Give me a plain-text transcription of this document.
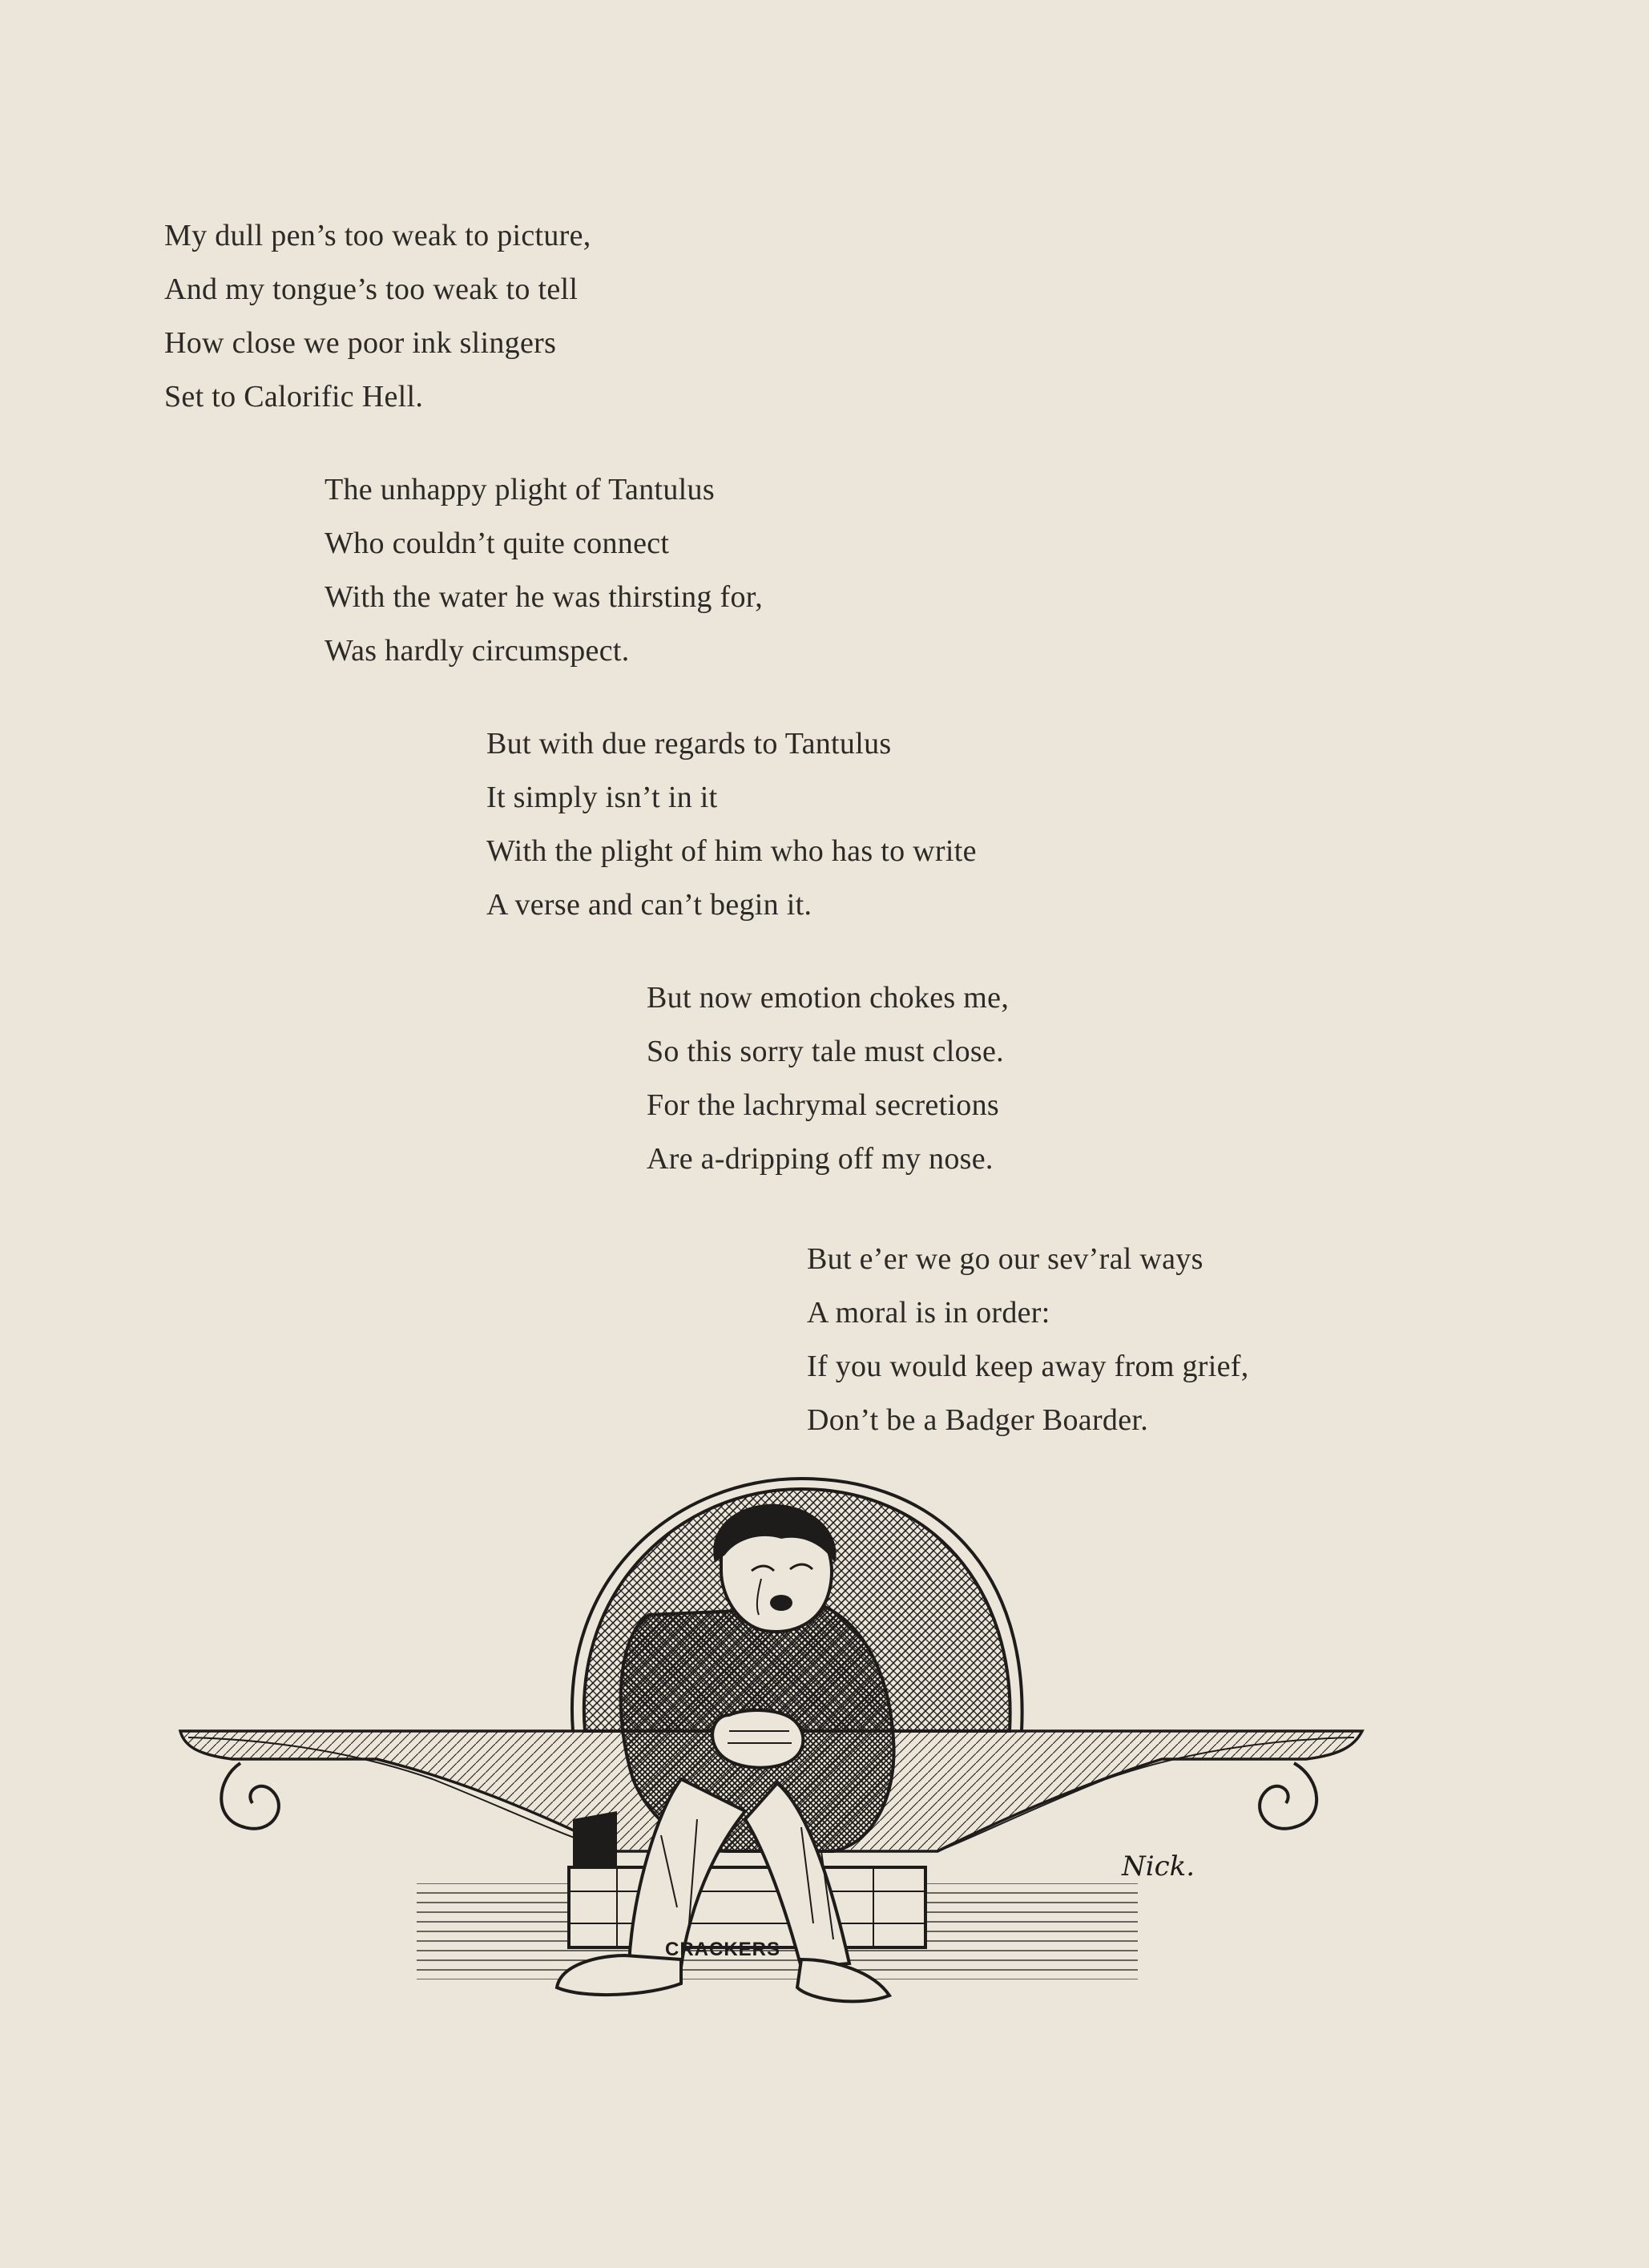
My dull pen’s too weak to picture,
And my tongue’s too weak to tell
How close we poor ink slingers
Set to Calorific Hell.
The unhappy plight of Tantulus
Who couldn’t quite connect
With the water he was thirsting for,
Was hardly circumspect.
But with due regards to Tantulus
It simply isn’t in it
With the plight of him who has to write
A verse and can’t begin it.
But now emotion chokes me,
So this sorry tale must close.
For the lachrymal secretions
Are a-dripping off my nose.
But e’er we go our sev’ral ways
A moral is in order:
If you would keep away from grief,
Don’t be a Badger Boarder.
CRACKERS
Nick.
